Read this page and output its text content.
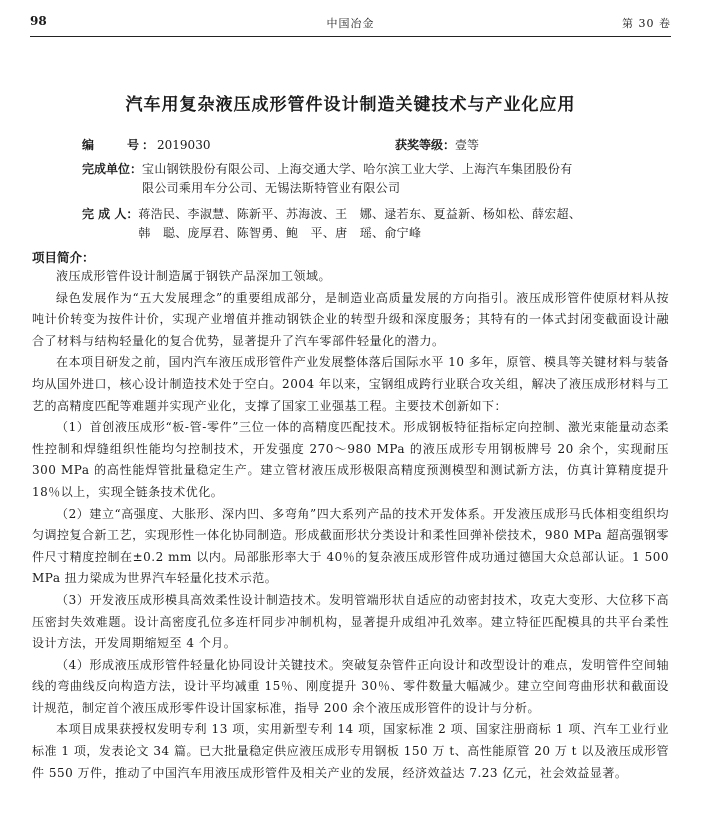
98	中国冶金	第 30 卷
汽车用复杂液压成形管件设计制造关键技术与产业化应用
编　　号：2019030	获奖等级：壹等
完成单位： 宝山钢铁股份有限公司、上海交通大学、哈尔滨工业大学、上海汽车集团股份有
限公司乘用车分公司、无锡法斯特管业有限公司
完 成 人： 蒋浩民、李淑慧、陈新平、苏海波、王　娜、逯若东、夏益新、杨如松、薛宏超、
韩　聪、庞厚君、陈智勇、鲍　平、唐　瑶、俞宁峰
项目简介：

液压成形管件设计制造属于钢铁产品深加工领域。

绿色发展作为“五大发展理念”的重要组成部分，是制造业高质量发展的方向指引。液压成形管件使原材料从按吨计价转变为按件计价，实现产业增值并推动钢铁企业的转型升级和深度服务；其特有的一体式封闭变截面设计融合了材料与结构轻量化的复合优势，显著提升了汽车零部件轻量化的潜力。

在本项目研发之前，国内汽车液压成形管件产业发展整体落后国际水平 10 多年，原管、模具等关键材料与装备均从国外进口，核心设计制造技术处于空白。2004 年以来，宝钢组成跨行业联合攻关组，解决了液压成形材料与工艺的高精度匹配等难题并实现产业化，支撑了国家工业强基工程。主要技术创新如下：

（1）首创液压成形“板-管-零件”三位一体的高精度匹配技术。形成钢板特征指标定向控制、激光束能量动态柔性控制和焊缝组织性能均匀控制技术，开发强度 270～980 MPa 的液压成形专用钢板牌号 20 余个，实现耐压 300 MPa 的高性能焊管批量稳定生产。建立管材液压成形极限高精度预测模型和测试新方法，仿真计算精度提升 18％以上，实现全链条技术优化。

（2）建立“高强度、大胀形、深内凹、多弯角”四大系列产品的技术开发体系。开发液压成形马氏体相变组织均匀调控复合新工艺，实现形性一体化协同制造。形成截面形状分类设计和柔性回弹补偿技术，980 MPa 超高强钢零件尺寸精度控制在±0.2 mm 以内。局部胀形率大于 40％的复杂液压成形管件成功通过德国大众总部认证。1 500 MPa 扭力梁成为世界汽车轻量化技术示范。

（3）开发液压成形模具高效柔性设计制造技术。发明管端形状自适应的动密封技术，攻克大变形、大位移下高压密封失效难题。设计高密度孔位多连杆同步冲制机构，显著提升成组冲孔效率。建立特征匹配模具的共平台柔性设计方法，开发周期缩短至 4 个月。

（4）形成液压成形管件轻量化协同设计关键技术。突破复杂管件正向设计和改型设计的难点，发明管件空间轴线的弯曲线反向构造方法，设计平均减重 15％、刚度提升 30％、零件数量大幅减少。建立空间弯曲形状和截面设计规范，制定首个液压成形零件设计国家标准，指导 200 余个液压成形管件的设计与分析。

本项目成果获授权发明专利 13 项，实用新型专利 14 项，国家标准 2 项、国家注册商标 1 项、汽车工业行业标准 1 项，发表论文 34 篇。已大批量稳定供应液压成形专用钢板 150 万 t、高性能原管 20 万 t 以及液压成形管件 550 万件，推动了中国汽车用液压成形管件及相关产业的发展，经济效益达 7.23 亿元，社会效益显著。
